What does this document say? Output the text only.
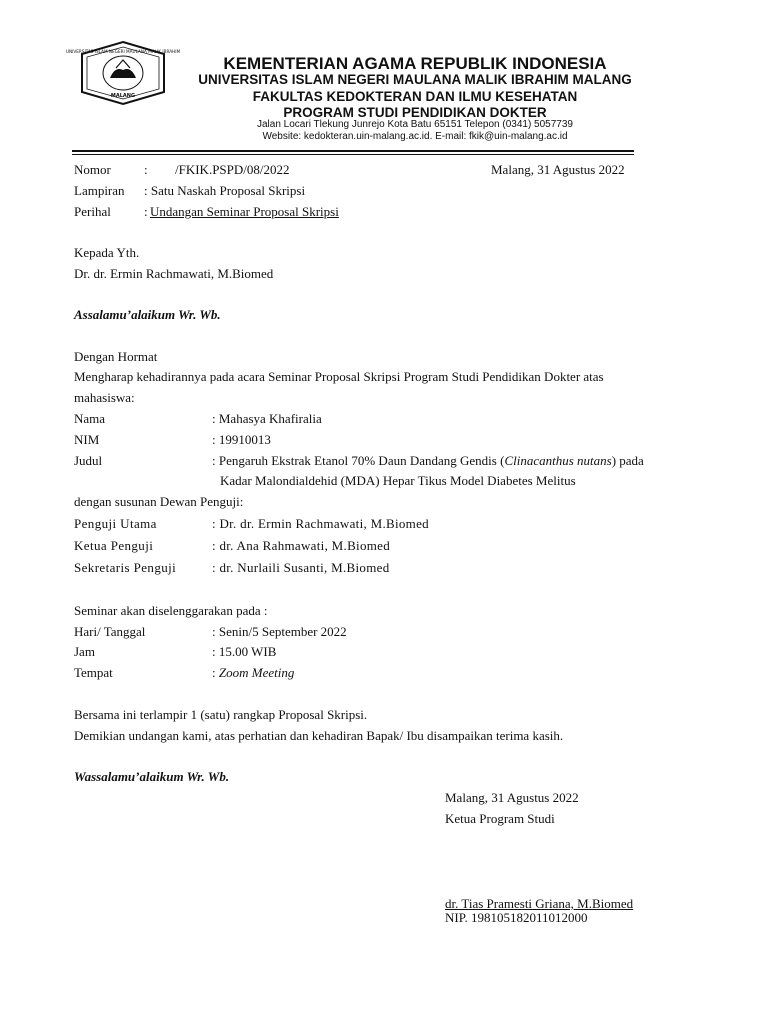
UNIVERSITAS ISLAM NEGERI MAULANA MALIK IBRAHIM
MALANG
KEMENTERIAN AGAMA REPUBLIK INDONESIA
UNIVERSITAS ISLAM NEGERI MAULANA MALIK IBRAHIM MALANG
FAKULTAS KEDOKTERAN DAN ILMU KESEHATAN
PROGRAM STUDI PENDIDIKAN DOKTER
Jalan Locari Tlekung Junrejo Kota Batu 65151 Telepon (0341) 5057739
Website: kedokteran.uin-malang.ac.id. E-mail: fkik@uin-malang.ac.id
Nomor	: /FKIK.PSPD/08/2022	Malang, 31 Agustus 2022
Lampiran : Satu Naskah Proposal Skripsi
Perihal	: Undangan Seminar Proposal Skripsi
Kepada Yth.
Dr. dr. Ermin Rachmawati, M.Biomed
Assalamu’alaikum Wr. Wb.
Dengan Hormat
Mengharap kehadirannya pada acara Seminar Proposal Skripsi Program Studi Pendidikan Dokter atas
mahasiswa:
Nama	: Mahasya Khafiralia
NIM	: 19910013
Judul	: Pengaruh Ekstrak Etanol 70% Daun Dandang Gendis (Clinacanthus nutans) pada
Kadar Malondialdehid (MDA) Hepar Tikus Model Diabetes Melitus
dengan susunan Dewan Penguji:
Penguji Utama	: Dr. dr. Ermin Rachmawati, M.Biomed
Ketua Penguji	: dr. Ana Rahmawati, M.Biomed
Sekretaris Penguji	: dr. Nurlaili Susanti, M.Biomed
Seminar akan diselenggarakan pada :
Hari/ Tanggal	: Senin/5 September 2022
Jam	: 15.00 WIB
Tempat	: Zoom Meeting
Bersama ini terlampir 1 (satu) rangkap Proposal Skripsi.
Demikian undangan kami, atas perhatian dan kehadiran Bapak/ Ibu disampaikan terima kasih.
Wassalamu’alaikum Wr. Wb.
Malang, 31 Agustus 2022
Ketua Program Studi
dr. Tias Pramesti Griana, M.Biomed
NIP. 198105182011012000
